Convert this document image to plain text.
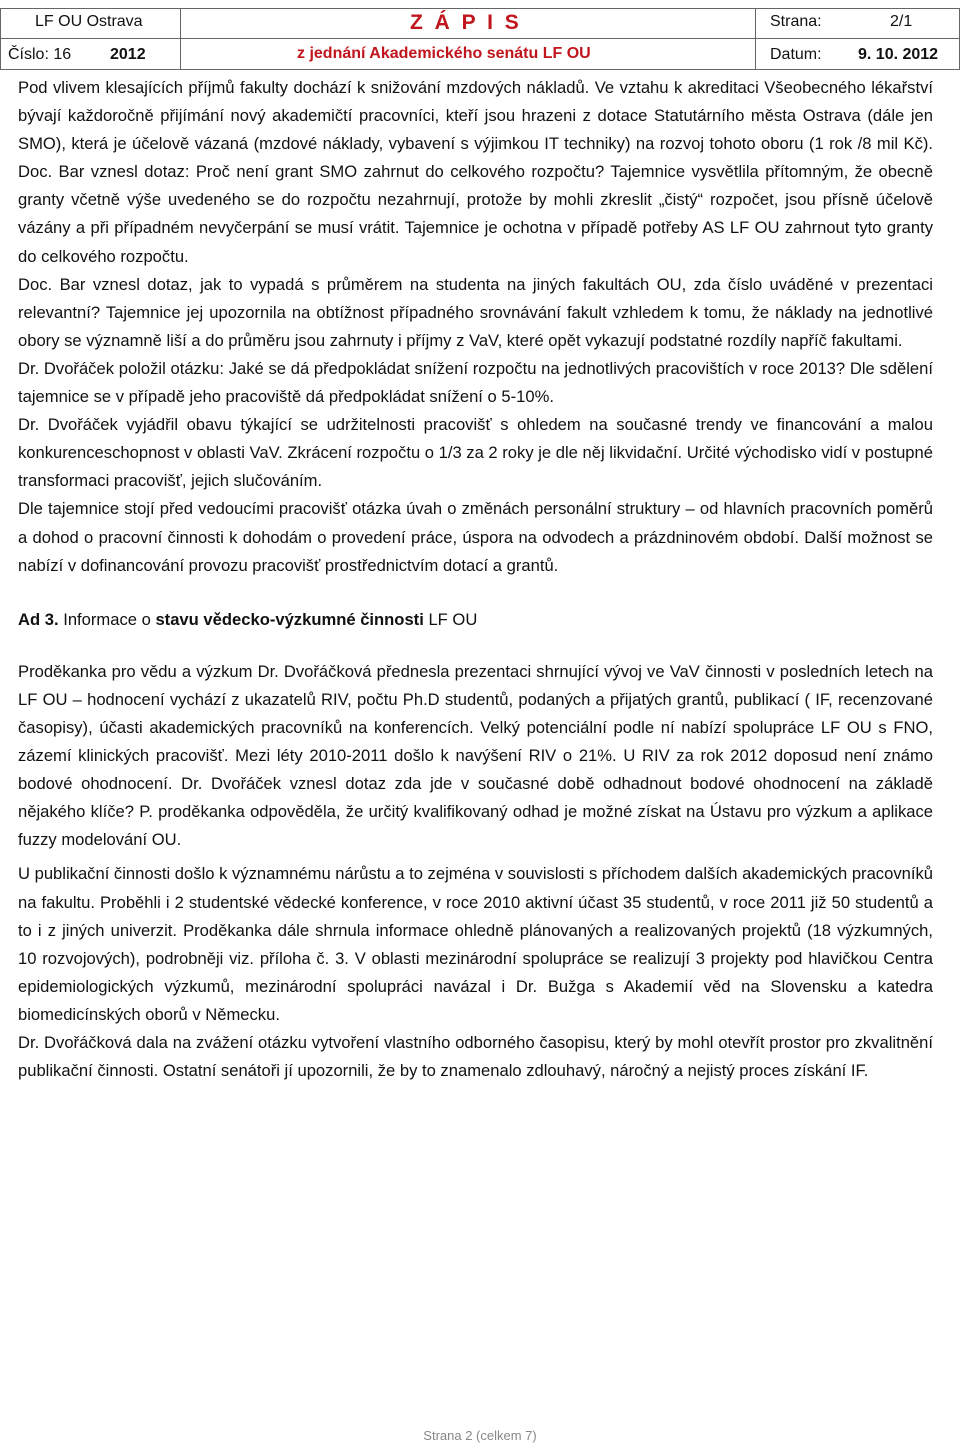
LF OU Ostrava	Z Á P I S	Strana:	2/1
Číslo: 16 2012	z jednání Akademického senátu LF OU	Datum: 9. 10. 2012

Pod vlivem klesajících příjmů fakulty dochází k snižování mzdových nákladů. Ve vztahu k akreditaci Všeobecného lékařství bývají každoročně přijímání nový akademičtí pracovníci, kteří jsou hrazeni z dotace Statutárního města Ostrava (dále jen SMO), která je účelově vázaná (mzdové náklady, vybavení s výjimkou IT techniky) na rozvoj tohoto oboru (1 rok /8 mil Kč). Doc. Bar vznesl dotaz: Proč není grant SMO zahrnut do celkového rozpočtu? Tajemnice vysvětlila přítomným, že obecně granty včetně výše uvedeného se do rozpočtu nezahrnují, protože by mohli zkreslit „čistý“ rozpočet, jsou přísně účelově vázány a při případném nevyčerpání se musí vrátit. Tajemnice je ochotna v případě potřeby AS LF OU zahrnout tyto granty do celkového rozpočtu.

Doc. Bar vznesl dotaz, jak to vypadá s průměrem na studenta na jiných fakultách OU, zda číslo uváděné v prezentaci relevantní? Tajemnice jej upozornila na obtížnost případného srovnávání fakult vzhledem k tomu, že náklady na jednotlivé obory se významně liší a do průměru jsou zahrnuty i příjmy z VaV, které opět vykazují podstatné rozdíly napříč fakultami.

Dr. Dvořáček položil otázku: Jaké se dá předpokládat snížení rozpočtu na jednotlivých pracovištích v roce 2013? Dle sdělení tajemnice se v případě jeho pracoviště dá předpokládat snížení o 5-10%.

Dr. Dvořáček vyjádřil obavu týkající se udržitelnosti pracovišť s ohledem na současné trendy ve financování a malou konkurenceschopnost v oblasti VaV. Zkrácení rozpočtu o 1/3 za 2 roky je dle něj likvidační. Určité východisko vidí v postupné transformaci pracovišť, jejich slučováním.

Dle tajemnice stojí před vedoucími pracovišť otázka úvah o změnách personální struktury – od hlavních pracovních poměrů a dohod o pracovní činnosti k dohodám o provedení práce, úspora na odvodech a prázdninovém období. Další možnost se nabízí v dofinancování provozu pracovišť prostřednictvím dotací a grantů.

Ad 3. Informace o stavu vědecko-výzkumné činnosti LF OU

Proděkanka pro vědu a výzkum Dr. Dvořáčková přednesla prezentaci shrnující vývoj ve VaV činnosti v posledních letech na LF OU – hodnocení vychází z ukazatelů RIV, počtu Ph.D studentů, podaných a přijatých grantů, publikací ( IF, recenzované časopisy), účasti akademických pracovníků na konferencích. Velký potenciální podle ní nabízí spolupráce LF OU s FNO, zázemí klinických pracovišť. Mezi léty 2010-2011 došlo k navýšení RIV o 21%. U RIV za rok 2012 doposud není známo bodové ohodnocení. Dr. Dvořáček vznesl dotaz zda jde v současné době odhadnout bodové ohodnocení na základě nějakého klíče? P. proděkanka odpověděla, že určitý kvalifikovaný odhad je možné získat na Ústavu pro výzkum a aplikace fuzzy modelování OU.

U publikační činnosti došlo k významnému nárůstu a to zejména v souvislosti s příchodem dalších akademických pracovníků na fakultu. Proběhli i 2 studentské vědecké konference, v roce 2010 aktivní účast 35 studentů, v roce 2011 již 50 studentů a to i z jiných univerzit. Proděkanka dále shrnula informace ohledně plánovaných a realizovaných projektů (18 výzkumných, 10 rozvojových), podrobněji viz. příloha č. 3. V oblasti mezinárodní spolupráce se realizují 3 projekty pod hlavičkou Centra epidemiologických výzkumů, mezinárodní spolupráci navázal i Dr. Bužga s Akademií věd na Slovensku a katedra biomedicínských oborů v Německu.

Dr. Dvořáčková dala na zvážení otázku vytvoření vlastního odborného časopisu, který by mohl otevřít prostor pro zkvalitnění publikační činnosti. Ostatní senátoři jí upozornili, že by to znamenalo zdlouhavý, náročný a nejistý proces získání IF.

Strana 2 (celkem 7)
